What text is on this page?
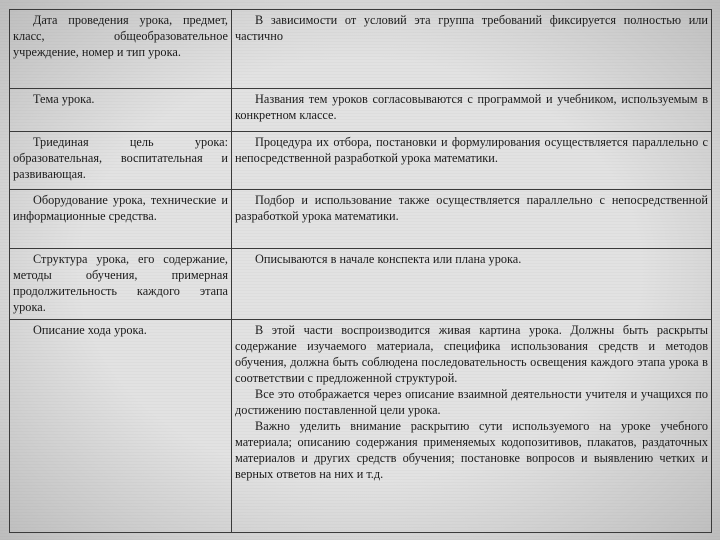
Дата проведения урока, предмет, класс, общеобразовательное учреждение, номер и тип урока.	В зависимости от условий эта группа требований фиксируется полностью или частично

Тема урока.	Названия тем уроков согласовываются с программой и учебником, используемым в конкретном классе.

Триединая цель урока: образовательная, воспитательная и развивающая.	Процедура их отбора, постановки и формулирования осуществляется параллельно с непосредственной разработкой урока математики.

Оборудование урока, технические и информационные средства.	Подбор и использование также осуществляется параллельно с непосредственной разработкой урока математики.

Структура урока, его содержание, методы обучения, примерная продолжительность каждого этапа урока.	Описываются в начале конспекта или плана урока.

Описание хода урока.	В этой части воспроизводится живая картина урока. Должны быть раскрыты содержание изучаемого материала, специфика использования средств и методов обучения, должна быть соблюдена последовательность освещения каждого этапа урока в соответствии с предложенной структурой.

Все это отображается через описание взаимной деятельности учителя и учащихся по достижению поставленной цели урока.

Важно уделить внимание раскрытию сути используемого на уроке учебного материала; описанию содержания применяемых кодопозитивов, плакатов, раздаточных материалов и других средств обучения; постановке вопросов и выявлению четких и верных ответов на них и т.д.
